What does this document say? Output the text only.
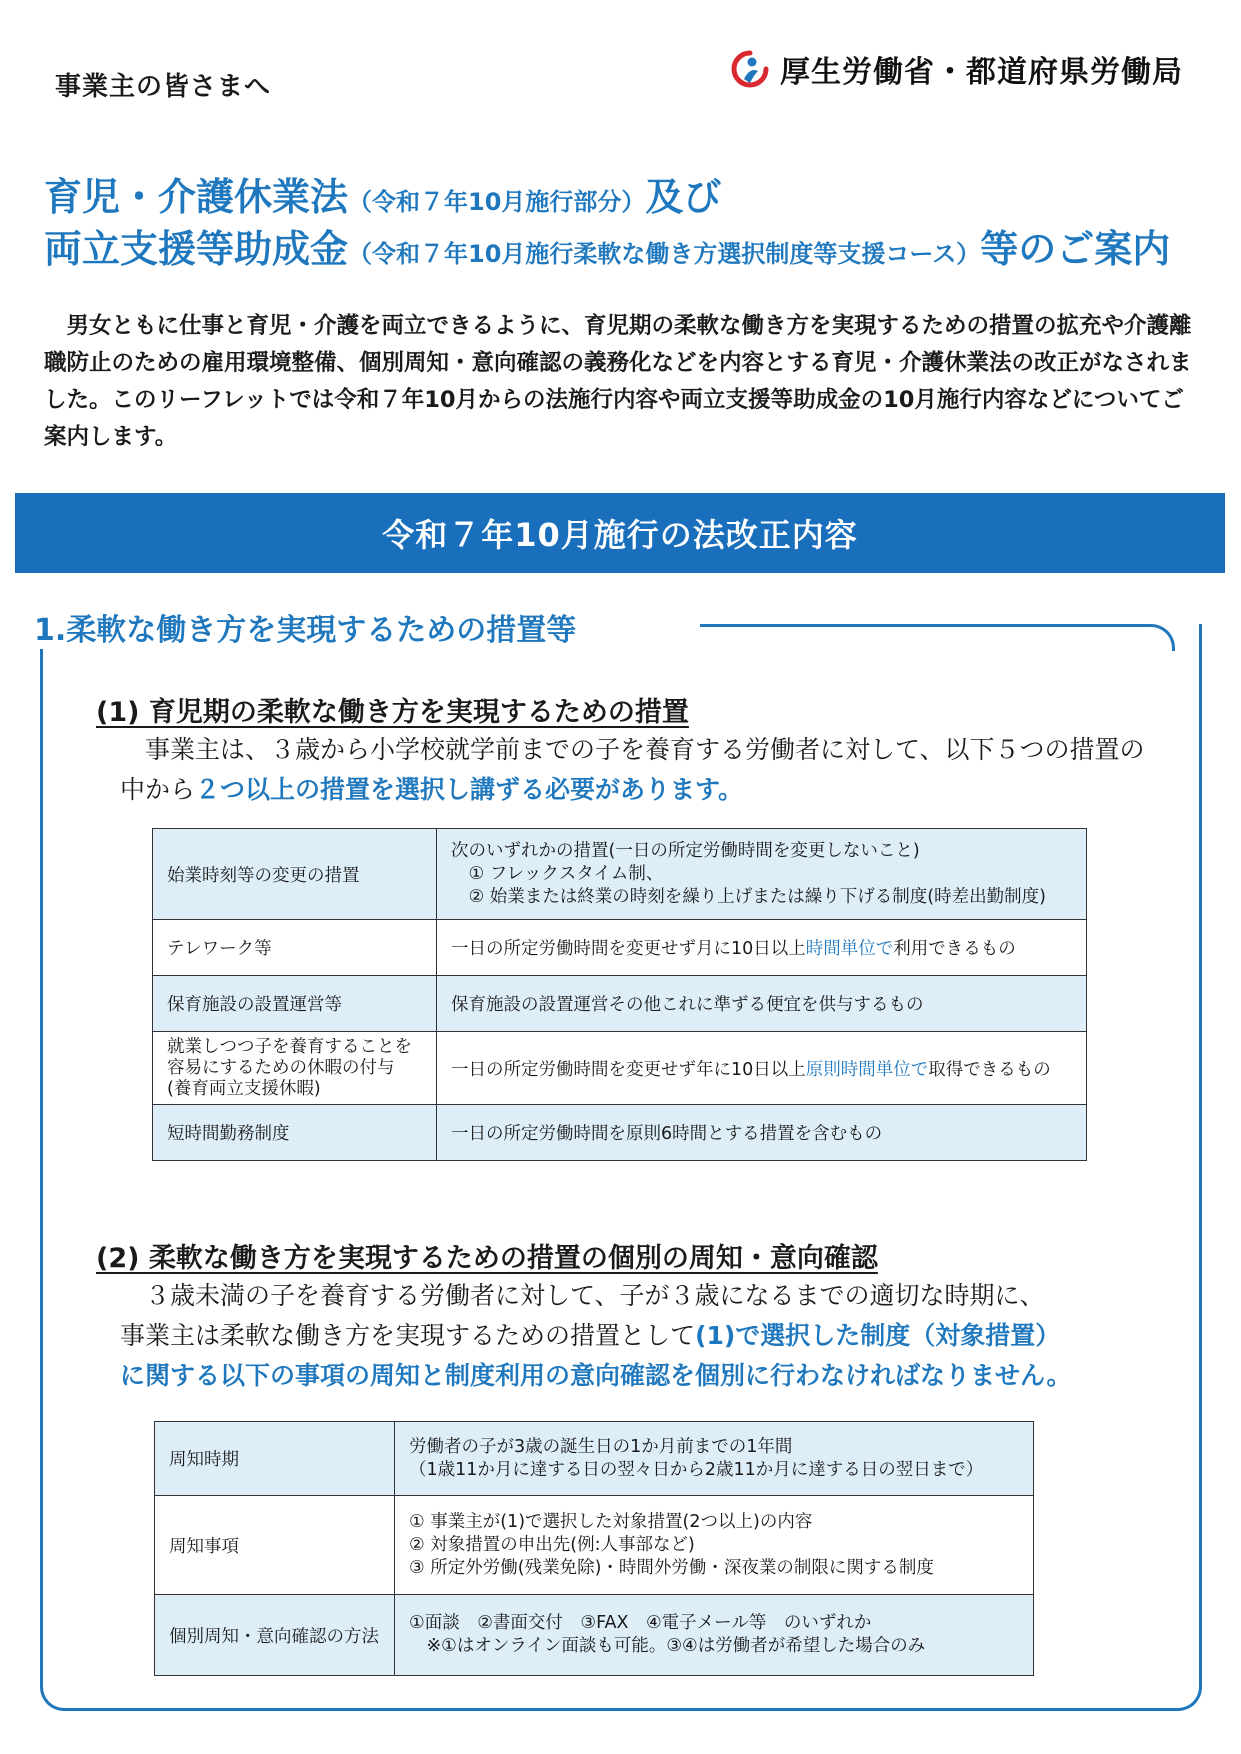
事業主の皆さまへ	厚生労働省・都道府県労働局
育児・介護休業法（令和７年10月施行部分）及び
両立支援等助成金（令和７年10月施行柔軟な働き方選択制度等支援コース）等のご案内
　男女ともに仕事と育児・介護を両立できるように、育児期の柔軟な働き方を実現するための措置の拡充や介護離職防止のための雇用環境整備、個別周知・意向確認の義務化などを内容とする育児・介護休業法の改正がなされました。このリーフレットでは令和７年10月からの法施行内容や両立支援等助成金の10月施行内容などについてご案内します。
令和７年10月施行の法改正内容
1.柔軟な働き方を実現するための措置等
(1) 育児期の柔軟な働き方を実現するための措置
　事業主は、３歳から小学校就学前までの子を養育する労働者に対して、以下５つの措置の中から２つ以上の措置を選択し講ずる必要があります。
始業時刻等の変更の措置	次のいずれかの措置(一日の所定労働時間を変更しないこと)
　① フレックスタイム制、
　② 始業または終業の時刻を繰り上げまたは繰り下げる制度(時差出勤制度)
テレワーク等	一日の所定労働時間を変更せず月に10日以上時間単位で利用できるもの
保育施設の設置運営等	保育施設の設置運営その他これに準ずる便宜を供与するもの
就業しつつ子を養育することを
容易にするための休暇の付与
(養育両立支援休暇)	一日の所定労働時間を変更せず年に10日以上原則時間単位で取得できるもの
短時間勤務制度	一日の所定労働時間を原則6時間とする措置を含むもの
(2) 柔軟な働き方を実現するための措置の個別の周知・意向確認
　３歳未満の子を養育する労働者に対して、子が３歳になるまでの適切な時期に、
事業主は柔軟な働き方を実現するための措置として(1)で選択した制度（対象措置）
に関する以下の事項の周知と制度利用の意向確認を個別に行わなければなりません。
周知時期	労働者の子が3歳の誕生日の1か月前までの1年間
（1歳11か月に達する日の翌々日から2歳11か月に達する日の翌日まで）
周知事項	① 事業主が(1)で選択した対象措置(2つ以上)の内容
② 対象措置の申出先(例:人事部など)
③ 所定外労働(残業免除)・時間外労働・深夜業の制限に関する制度
個別周知・意向確認の方法	①面談　②書面交付　③FAX　④電子メール等　のいずれか
　※①はオンライン面談も可能。③④は労働者が希望した場合のみ
